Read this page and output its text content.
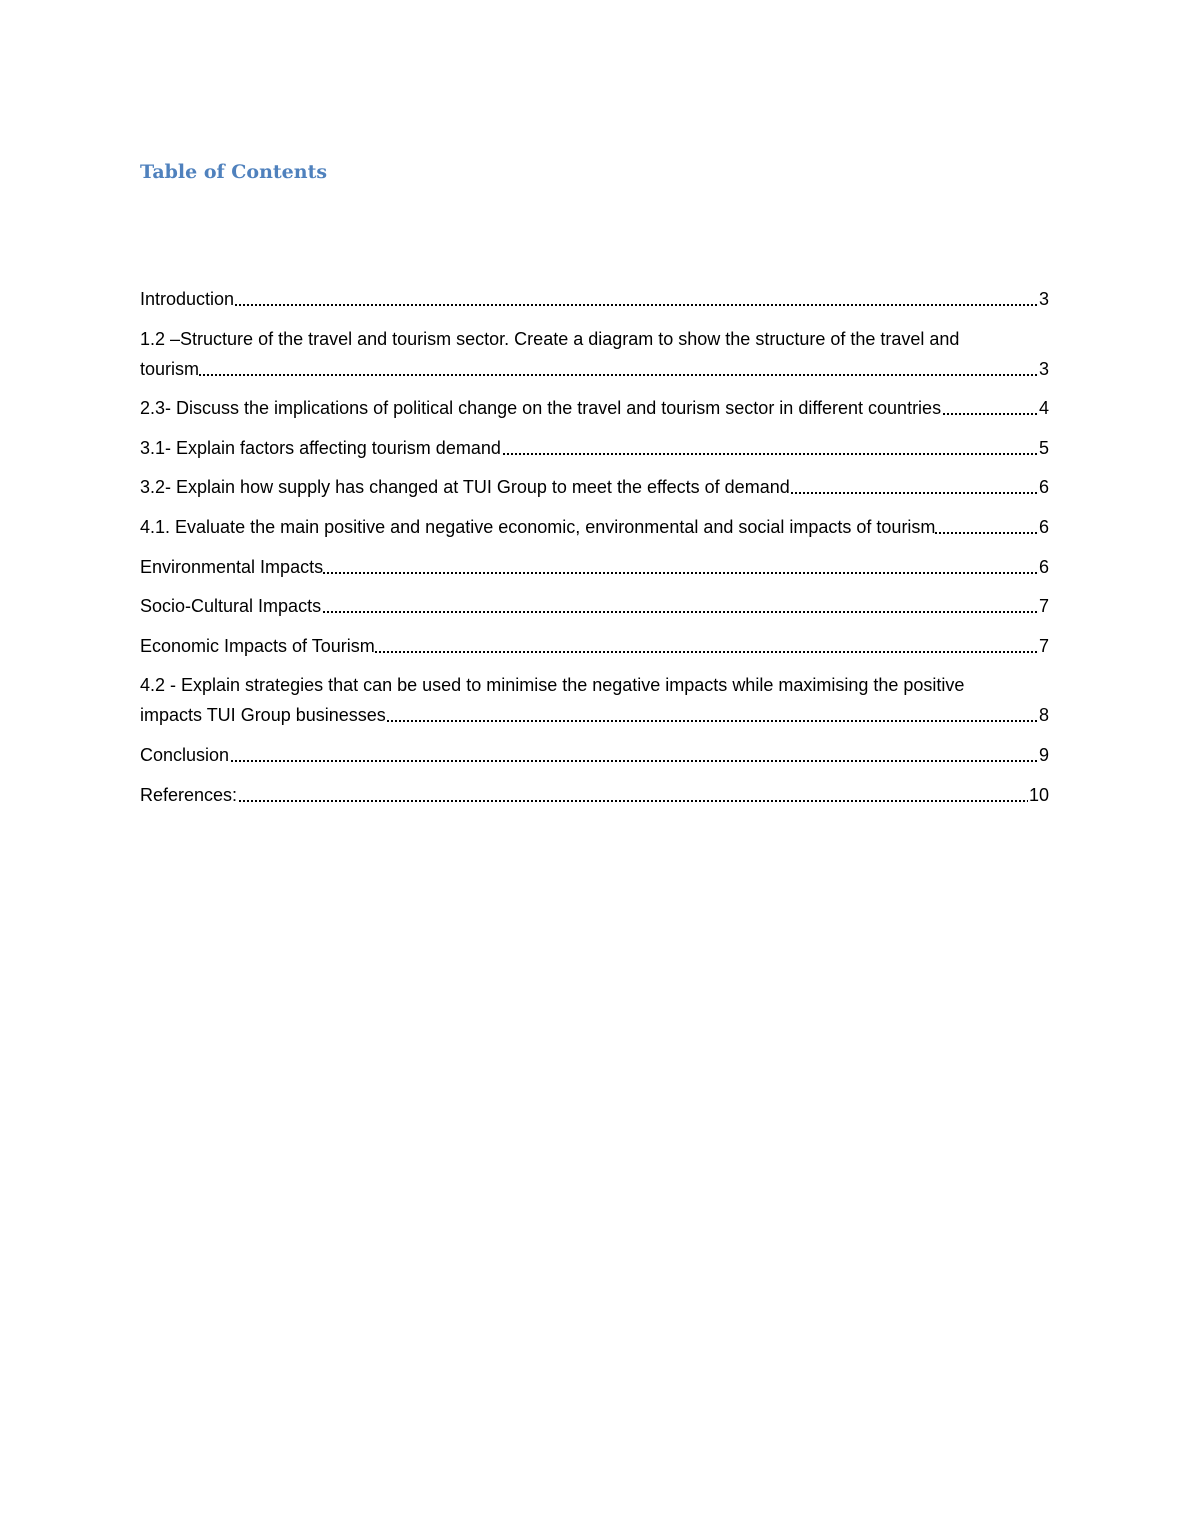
Table of Contents
Introduction	3
1.2 –Structure of the travel and tourism sector. Create a diagram to show the structure of the travel and
tourism	3
2.3- Discuss the implications of political change on the travel and tourism sector in different countries	4
3.1- Explain factors affecting tourism demand	5
3.2- Explain how supply has changed at TUI Group to meet the effects of demand	6
4.1. Evaluate the main positive and negative economic, environmental and social impacts of tourism	6
Environmental Impacts	6
Socio-Cultural Impacts	7
Economic Impacts of Tourism	7
4.2 - Explain strategies that can be used to minimise the negative impacts while maximising the positive
impacts TUI Group businesses	8
Conclusion	9
References:	10
